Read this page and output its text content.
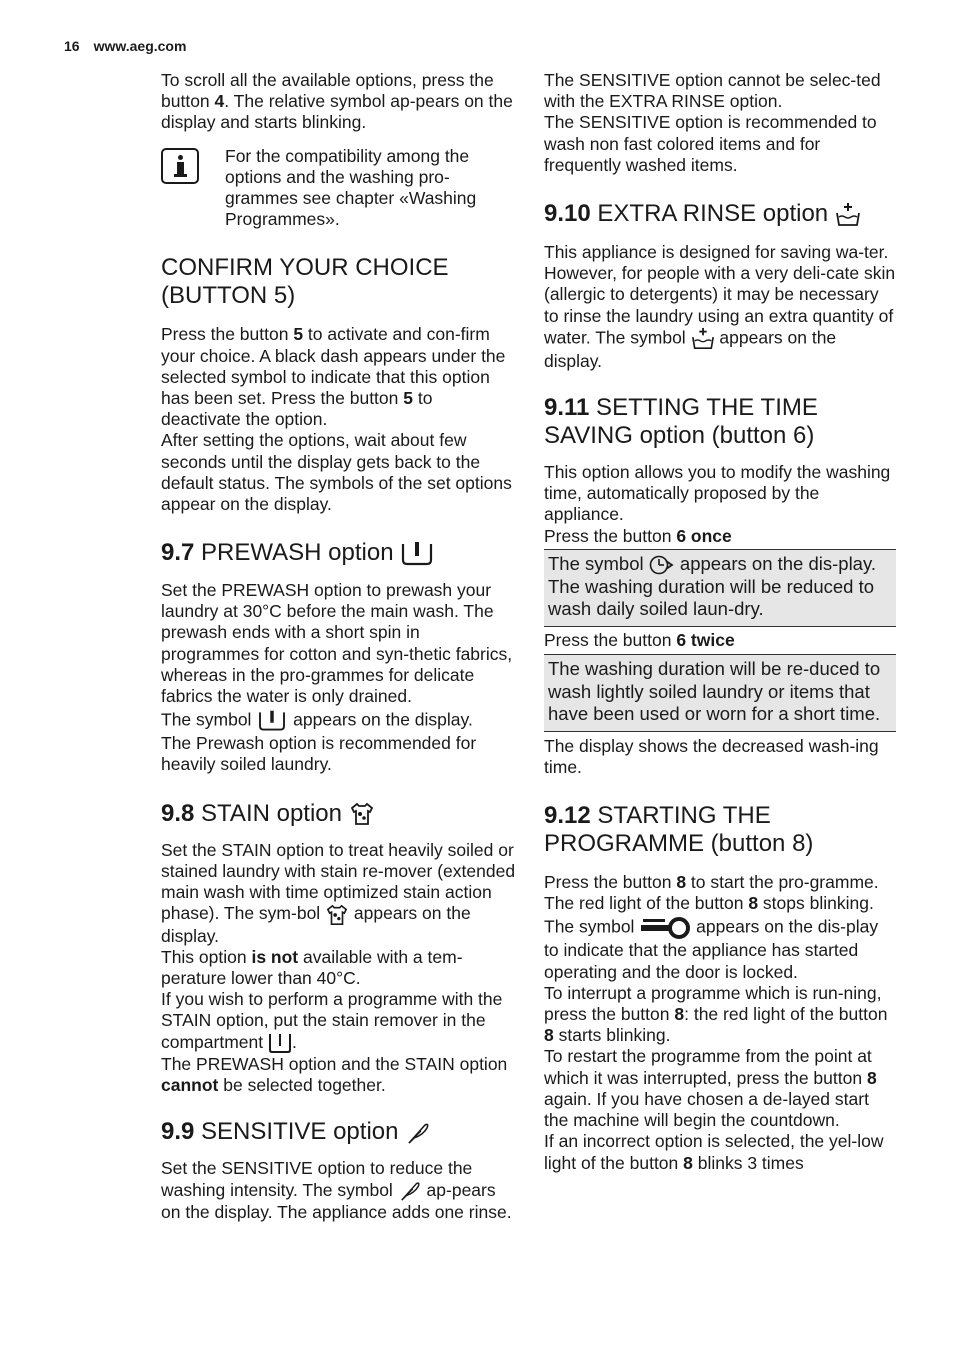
16 www.aeg.com

To scroll all the available options, press the button 4. The relative symbol ap-pears on the display and starts blinking.

For the compatibility among the options and the washing pro-grammes see chapter «Washing Programmes».

CONFIRM YOUR CHOICE
(BUTTON 5)

Press the button 5 to activate and con-firm your choice. A black dash appears under the selected symbol to indicate that this option has been set. Press the button 5 to deactivate the option.

After setting the options, wait about few seconds until the display gets back to the default status. The symbols of the set options appear on the display.

9.7 PREWASH option

Set the PREWASH option to prewash your laundry at 30°C before the main wash. The prewash ends with a short spin in programmes for cotton and syn-thetic fabrics, whereas in the pro-grammes for delicate fabrics the water is only drained.

The symbol  appears on the display.

The Prewash option is recommended for heavily soiled laundry.

9.8 STAIN option

Set the STAIN option to treat heavily soiled or stained laundry with stain re-mover (extended main wash with time optimized stain action phase). The sym-bol  appears on the display.

This option is not available with a tem-perature lower than 40°C.

If you wish to perform a programme with the STAIN option, put the stain remover in the compartment .

The PREWASH option and the STAIN option cannot be selected together.

9.9 SENSITIVE option

Set the SENSITIVE option to reduce the washing intensity. The symbol  ap-pears on the display. The appliance adds one rinse.

The SENSITIVE option cannot be selec-ted with the EXTRA RINSE option.

The SENSITIVE option is recommended to wash non fast colored items and for frequently washed items.

9.10 EXTRA RINSE option

This appliance is designed for saving wa-ter. However, for people with a very deli-cate skin (allergic to detergents) it may be necessary to rinse the laundry using an extra quantity of water. The symbol  appears on the display.

9.11 SETTING THE TIME
SAVING option (button 6)

This option allows you to modify the washing time, automatically proposed by the appliance.

Press the button 6 once

The symbol  appears on the dis-play. The washing duration will be reduced to wash daily soiled laun-dry.

Press the button 6 twice

The washing duration will be re-duced to wash lightly soiled laundry or items that have been used or worn for a short time.

The display shows the decreased wash-ing time.

9.12 STARTING THE
PROGRAMME (button 8)

Press the button 8 to start the pro-gramme. The red light of the button 8 stops blinking.

The symbol	appears on the dis-play to indicate that the appliance has started operating and the door is locked.

To interrupt a programme which is run-ning, press the button 8: the red light of the button 8 starts blinking.

To restart the programme from the point at which it was interrupted, press the button 8 again. If you have chosen a de-layed start the machine will begin the countdown.

If an incorrect option is selected, the yel-low light of the button 8 blinks 3 times
